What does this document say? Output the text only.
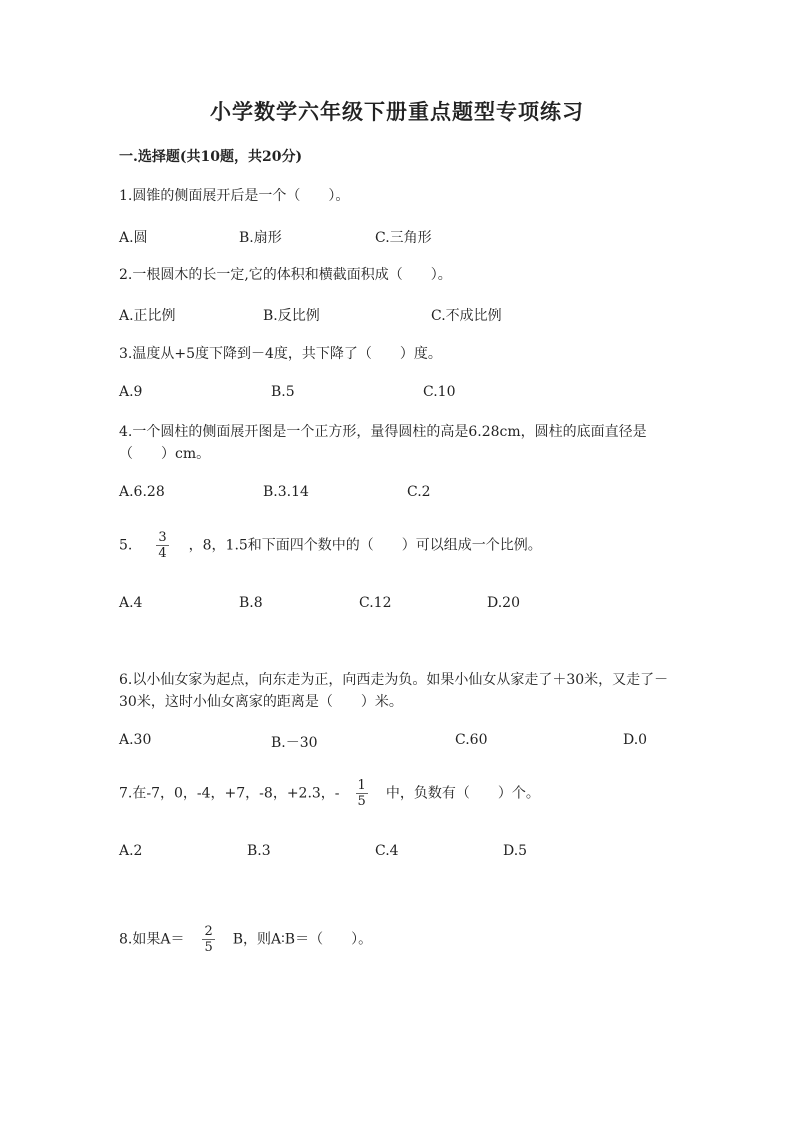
小学数学六年级下册重点题型专项练习
一.选择题(共10题，共20分)
1.圆锥的侧面展开后是一个（　　）。
A.圆	B.扇形	C.三角形
2.一根圆木的长一定,它的体积和横截面积成（　　）。
A.正比例	B.反比例	C.不成比例
3.温度从+5度下降到－4度，共下降了（　　）度。
A.9	B.5	C.10
4.一个圆柱的侧面展开图是一个正方形，量得圆柱的高是6.28cm，圆柱的底面直径是（　　）cm。
A.6.28	B.3.14	C.2
5. $\frac{3}{4}$ ，8，1.5和下面四个数中的（　　）可以组成一个比例。
A.4	B.8	C.12	D.20
6.以小仙女家为起点，向东走为正，向西走为负。如果小仙女从家走了＋30米，又走了－30米，这时小仙女离家的距离是（　　）米。
A.30	B.－30	C.60	D.0
7.在-7，0，-4，+7，-8，+2.3，- $\frac{1}{5}$ 中，负数有（　　）个。
A.2	B.3	C.4	D.5
8.如果$A= \frac{2}{5}$ B，则A∶B＝（　　）。
